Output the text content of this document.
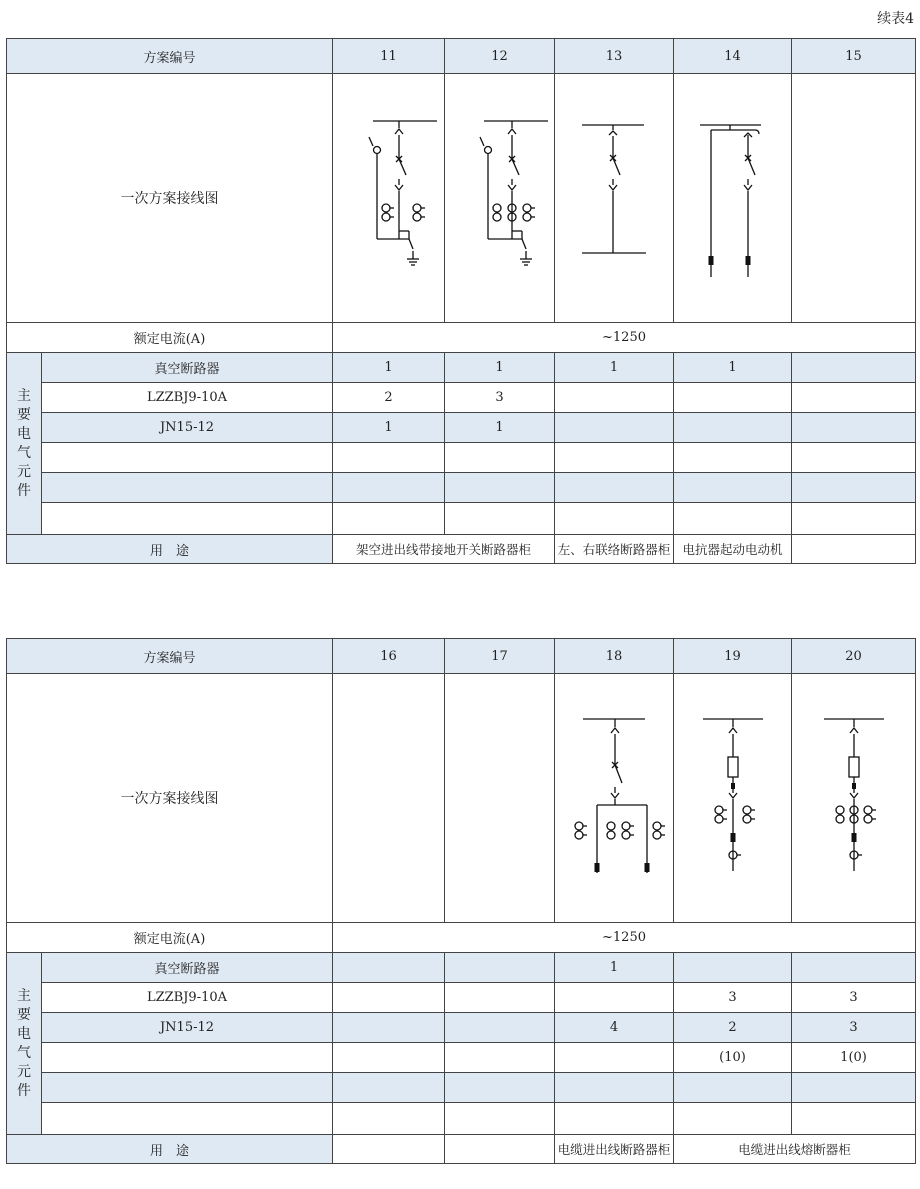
续表4
方案编号		11	12	13	14	15
一次方案接线图	

额定电流(A)		~1250				

主要电气元件	真空断路器	1	1	1	1	
	LZZBJ9-10A	2	3			
	JN15-12	1	1			

用　途		架空进出线带接地开关断路器柜		左、右联络断路器柜	电抗器起动电动机	
方案编号		16	17	18	19	20
一次方案接线图			

额定电流(A)		~1250				

主要电气元件	真空断路器			1		
	LZZBJ9-10A				3	3
	JN15-12			4	2	3
					(10)	1(0)

用　途				电缆进出线断路器柜	电缆进出线熔断器柜	
